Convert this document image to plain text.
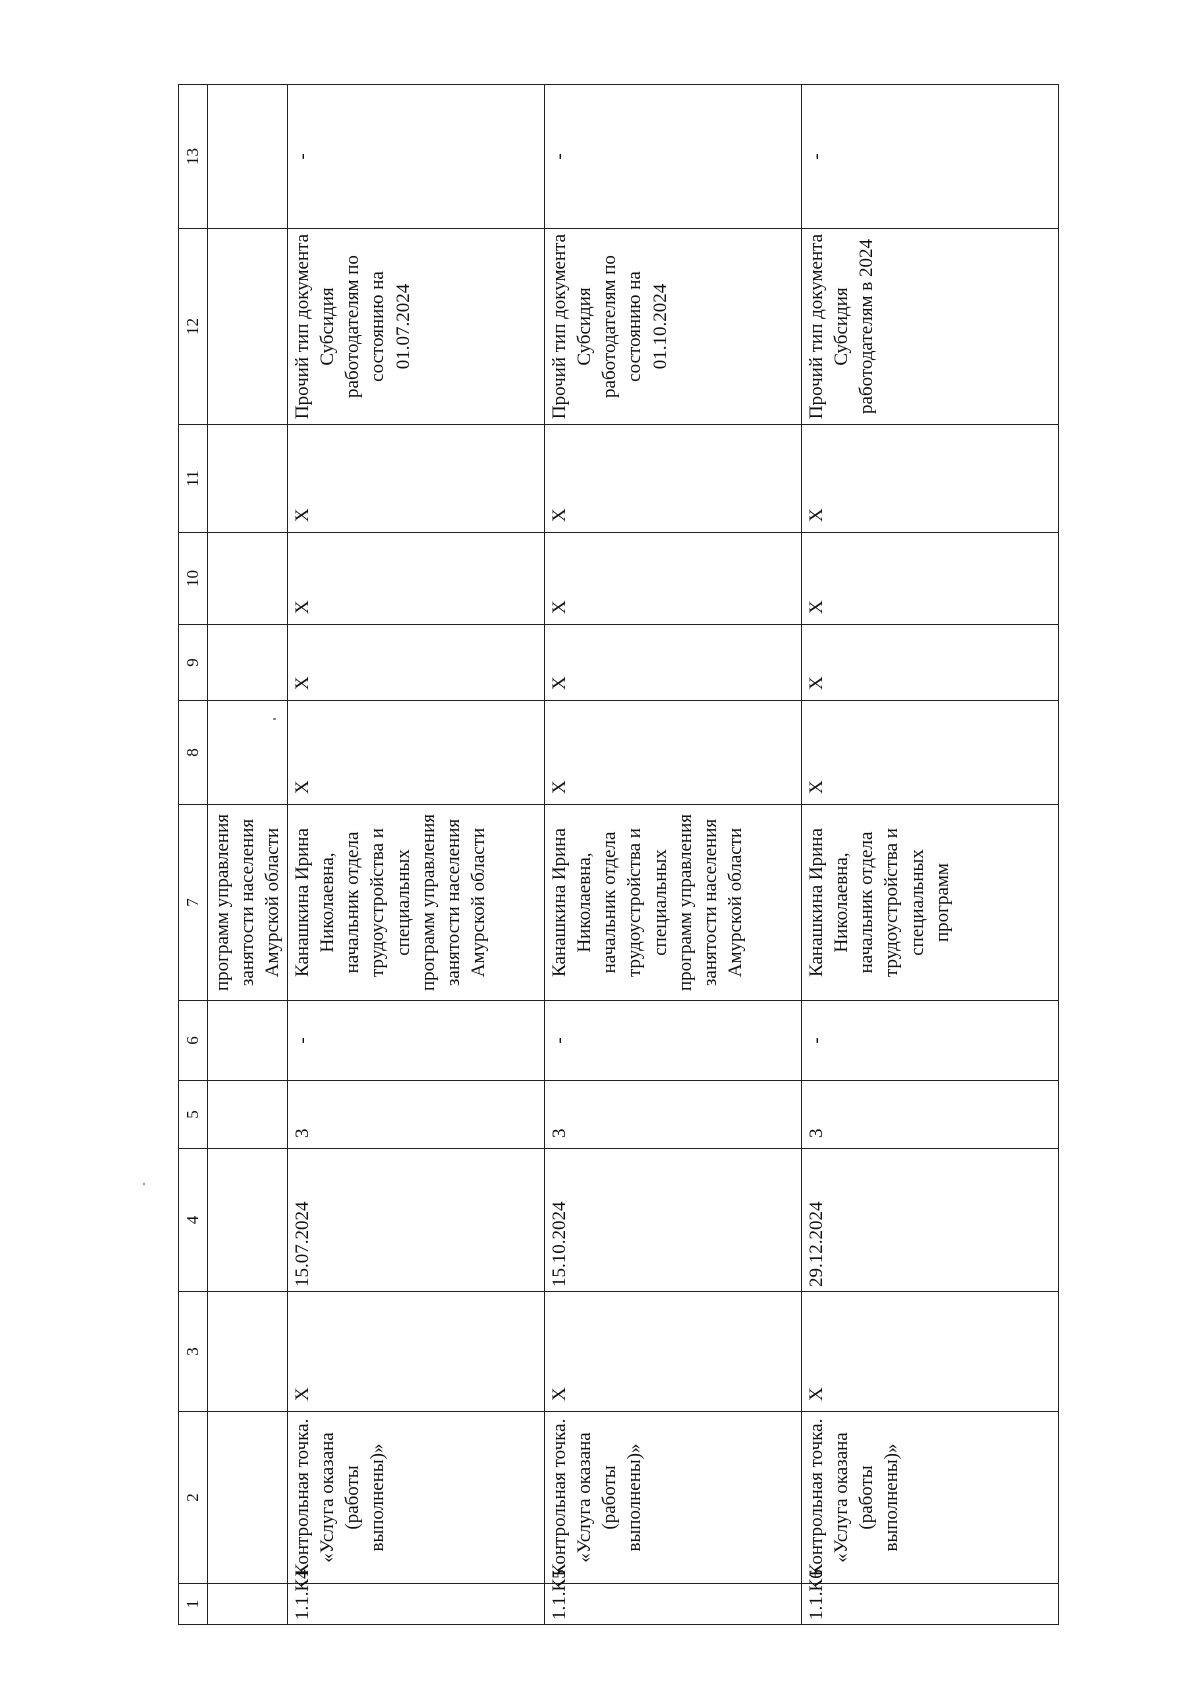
1	2	3	4	5	6	7	8	9	10	11	12	13
						программ управления занятости населения Амурской области						
1.1.К4	Контрольная точка. «Услуга оказана (работы выполнены)»	X	15.07.2024	3	-	Канашкина Ирина Николаевна, начальник отдела трудоустройства и специальных программ управления занятости населения Амурской области	X	X	X	X	Прочий тип документа Субсидия работодателям по состоянию на 01.07.2024	-
1.1.К5	Контрольная точка. «Услуга оказана (работы выполнены)»	X	15.10.2024	3	-	Канашкина Ирина Николаевна, начальник отдела трудоустройства и специальных программ управления занятости населения Амурской области	X	X	X	X	Прочий тип документа Субсидия работодателям по состоянию на 01.10.2024	-
1.1.К6	Контрольная точка. «Услуга оказана (работы выполнены)»	X	29.12.2024	3	-	Канашкина Ирина Николаевна, начальник отдела трудоустройства и специальных программ	X	X	X	X	Прочий тип документа Субсидия работодателям в 2024	-
